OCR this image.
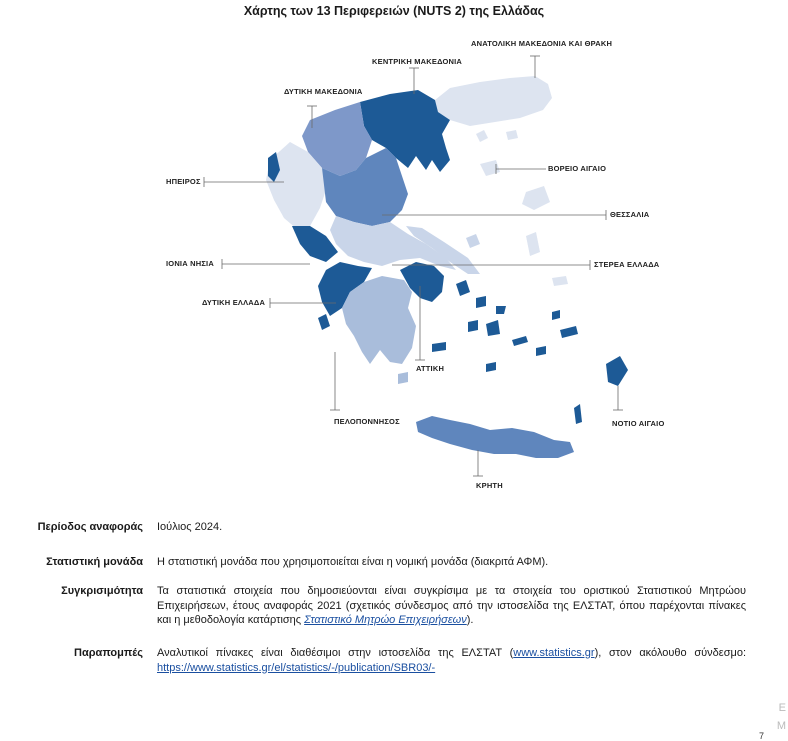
Χάρτης των 13 Περιφερειών (NUTS 2) της Ελλάδας
ΑΝΑΤΟΛΙΚΗ ΜΑΚΕΔΟΝΙΑ ΚΑΙ ΘΡΑΚΗ
ΚΕΝΤΡΙΚΗ ΜΑΚΕΔΟΝΙΑ
ΔΥΤΙΚΗ ΜΑΚΕΔΟΝΙΑ
ΗΠΕΙΡΟΣ
ΒΟΡΕΙΟ ΑΙΓΑΙΟ
ΘΕΣΣΑΛΙΑ
ΙΟΝΙΑ ΝΗΣΙΑ	ΣΤΕΡΕΑ ΕΛΛΑΔΑ
ΔΥΤΙΚΗ ΕΛΛΑΔΑ
ΑΤΤΙΚΗ
ΠΕΛΟΠΟΝΝΗΣΟΣ	ΝΟΤΙΟ ΑΙΓΑΙΟ
ΚΡΗΤΗ
Περίοδος αναφοράς Ιούλιος 2024.
Στατιστική μονάδα Η στατιστική μονάδα που χρησιμοποιείται είναι η νομική μονάδα (διακριτά ΑΦΜ).
Συγκρισιμότητα Τα στατιστικά στοιχεία που δημοσιεύονται είναι συγκρίσιμα με τα στοιχεία του οριστικού Στατιστικού Μητρώου Επιχειρήσεων, έτους αναφοράς 2021 (σχετικός σύνδεσμος από την ιστοσελίδα της ΕΛΣΤΑΤ, όπου παρέχονται πίνακες και η μεθοδολογία κατάρτισης Στατιστικό Μητρώο Επιχειρήσεων).
Παραπομπές Αναλυτικοί πίνακες είναι διαθέσιμοι στην ιστοσελίδα της ΕΛΣΤΑΤ (www.statistics.gr), στον ακόλουθο σύνδεσμο: https://www.statistics.gr/el/statistics/-/publication/SBR03/-
E
M
7
